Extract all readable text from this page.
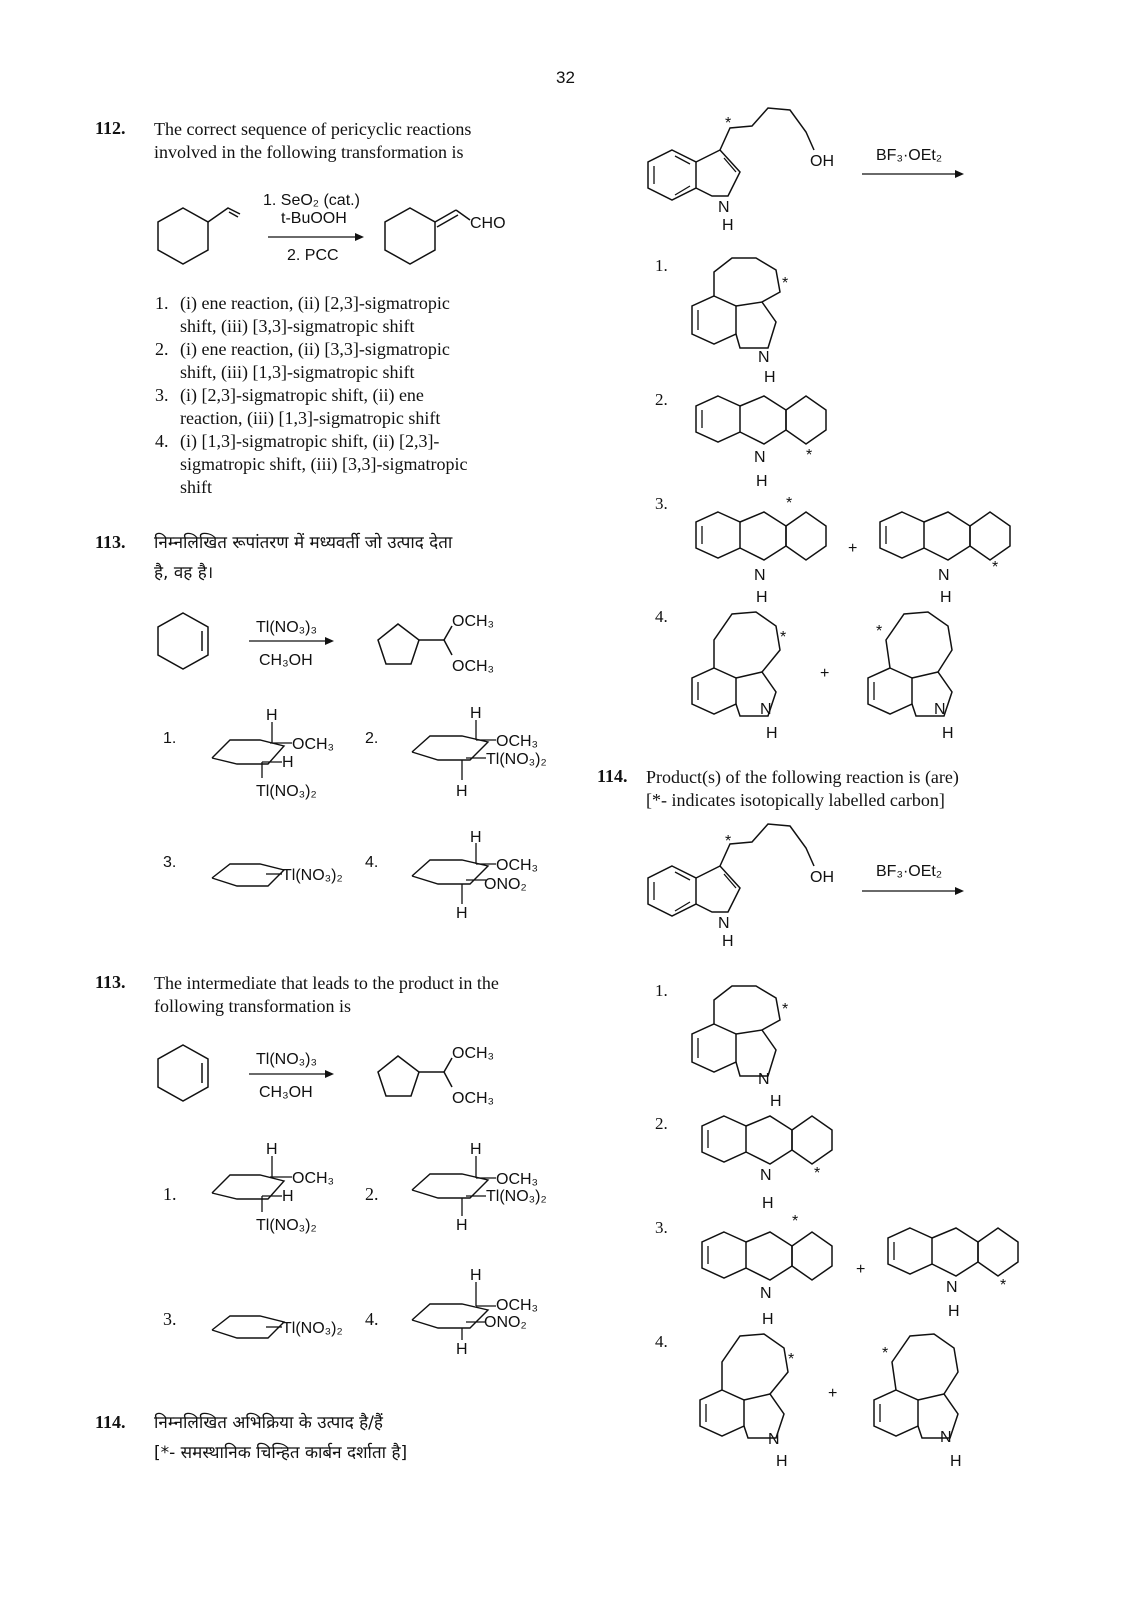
32
112. The correct sequence of pericyclic reactions
involved in the following transformation is
1. SeO₂ (cat.)
t-BuOOH
2. PCC
CHO
1. (i) ene reaction, (ii) [2,3]-sigmatropic
shift, (iii) [3,3]-sigmatropic shift
2. (i) ene reaction, (ii) [3,3]-sigmatropic
shift, (iii) [1,3]-sigmatropic shift
3. (i) [2,3]-sigmatropic shift, (ii) ene
reaction, (iii) [1,3]-sigmatropic shift
4. (i) [1,3]-sigmatropic shift, (ii) [2,3]-
sigmatropic shift, (iii) [3,3]-sigmatropic
shift
113. निम्नलिखित रूपांतरण में मध्यवर्ती जो उत्पाद देता
है, वह है।
Tl(NO₃)₃
CH₃OH
OCH₃
OCH₃
1.
H
OCH₃
H
Tl(NO₃)₂
2.
H
OCH₃
Tl(NO₃)₂
H
3.
Tl(NO₃)₂
4.
H
OCH₃
ONO₂
H
113. The intermediate that leads to the product in the
following transformation is
Tl(NO₃)₃
CH₃OH
OCH₃
OCH₃
1.
H
OCH₃
H
Tl(NO₃)₂
2.
H
OCH₃
Tl(NO₃)₂
H
3.	Tl(NO₃)₂ 4.
H
OCH₃
ONO₂
H
114. निम्नलिखित अभिक्रिया के उत्पाद है/हैं
[*- समस्थानिक चिन्हित कार्बन दर्शाता है]
*
OH
N
H
BF₃·OEt₂
1.
*
N
H
2.
*
N
H
3.	*
N
H
+
*
N
H
4.
*
N
H
+
*
N
H
114. Product(s) of the following reaction is (are)
[*- indicates isotopically labelled carbon]
*
OH
N
H
BF₃·OEt₂
1.
*
N
H
2.
*
N
H
3.	*
N
H
+
*
N
H
4.
*
N
H
+
*
N
H
